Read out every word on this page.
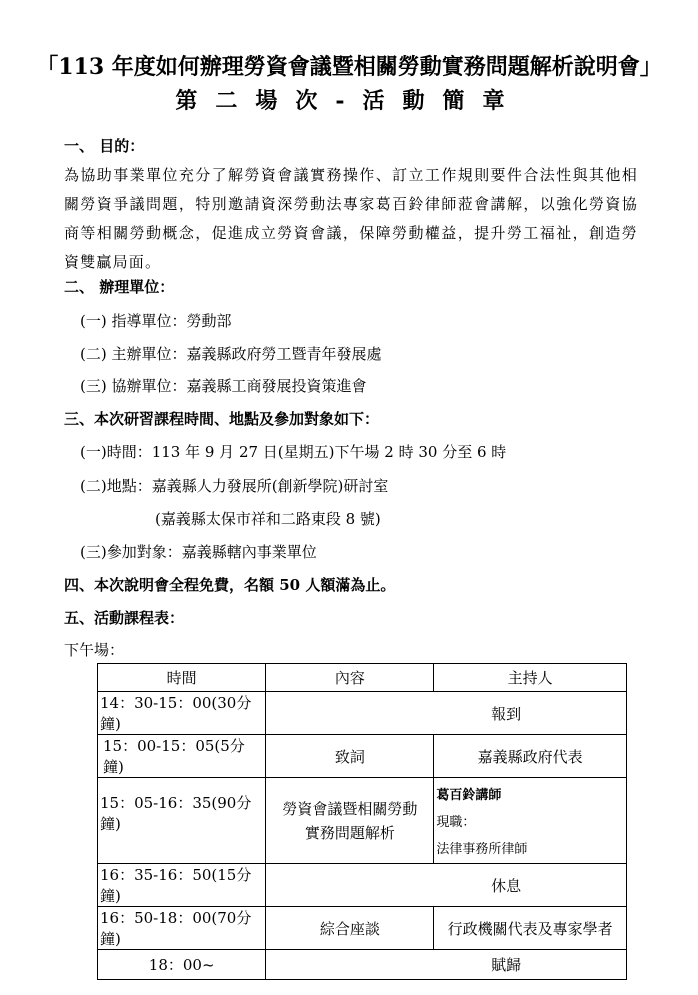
「113 年度如何辦理勞資會議暨相關勞動實務問題解析說明會」
第二場次-活動簡章
一、 目的：
為協助事業單位充分了解勞資會議實務操作、訂立工作規則要件合法性與其他相關勞資爭議問題，特別邀請資深勞動法專家葛百鈴律師蒞會講解，以強化勞資協商等相關勞動概念，促進成立勞資會議，保障勞動權益，提升勞工福祉，創造勞資雙贏局面。
二、 辦理單位：
(一) 指導單位：勞動部
(二) 主辦單位：嘉義縣政府勞工暨青年發展處
(三) 協辦單位：嘉義縣工商發展投資策進會
三、本次研習課程時間、地點及參加對象如下：
(一)時間：113 年 9 月 27 日(星期五)下午場 2 時 30 分至 6 時
(二)地點：嘉義縣人力發展所(創新學院)研討室
(嘉義縣太保市祥和二路東段 8 號)
(三)參加對象：嘉義縣轄內事業單位
四、本次說明會全程免費，名額 50 人額滿為止。
五、活動課程表：
下午場：
時間	內容	主持人
14：30-15：00(30分鐘)	報到	
15：00-15：05(5分鐘)	致詞	嘉義縣政府代表
15：05-16：35(90分鐘)	勞資會議暨相關勞動實務問題解析	葛百鈴講師
現職：
法律事務所律師

16：35-16：50(15分鐘)	休息	
16：50-18：00(70分鐘)	綜合座談	行政機關代表及專家學者
18：00~	賦歸	
